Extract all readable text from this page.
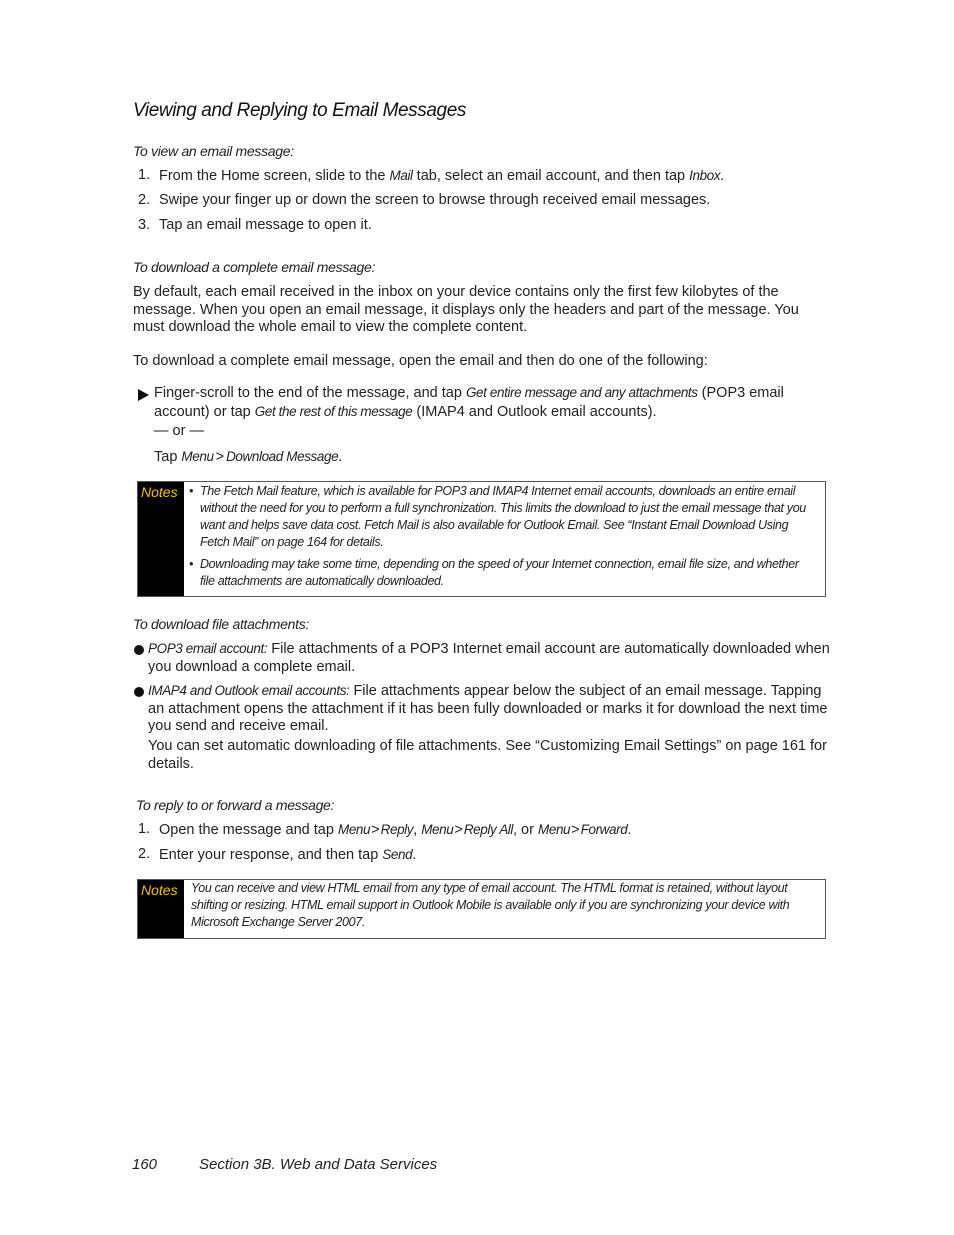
Viewing and Replying to Email Messages
To view an email message:
1. From the Home screen, slide to the Mail tab, select an email account, and then tap Inbox.
2. Swipe your finger up or down the screen to browse through received email messages.
3. Tap an email message to open it.
To download a complete email message:
By default, each email received in the inbox on your device contains only the first few kilobytes of the message. When you open an email message, it displays only the headers and part of the message. You must download the whole email to view the complete content.
To download a complete email message, open the email and then do one of the following:
Finger-scroll to the end of the message, and tap Get entire message and any attachments (POP3 email account) or tap Get the rest of this message (IMAP4 and Outlook email accounts).
— or —
Tap Menu > Download Message.
Notes • The Fetch Mail feature, which is available for POP3 and IMAP4 Internet email accounts, downloads an entire email without the need for you to perform a full synchronization. This limits the download to just the email message that you want and helps save data cost. Fetch Mail is also available for Outlook Email. See “Instant Email Download Using Fetch Mail” on page 164 for details.
• Downloading may take some time, depending on the speed of your Internet connection, email file size, and whether file attachments are automatically downloaded.
To download file attachments:
POP3 email account: File attachments of a POP3 Internet email account are automatically downloaded when you download a complete email.
IMAP4 and Outlook email accounts: File attachments appear below the subject of an email message. Tapping an attachment opens the attachment if it has been fully downloaded or marks it for download the next time you send and receive email.
You can set automatic downloading of file attachments. See “Customizing Email Settings” on page 161 for details.
To reply to or forward a message:
1. Open the message and tap Menu>Reply, Menu>Reply All, or Menu>Forward.
2. Enter your response, and then tap Send.
Notes	You can receive and view HTML email from any type of email account. The HTML format is retained, without layout shifting or resizing. HTML email support in Outlook Mobile is available only if you are synchronizing your device with Microsoft Exchange Server 2007.
160	Section 3B. Web and Data Services
